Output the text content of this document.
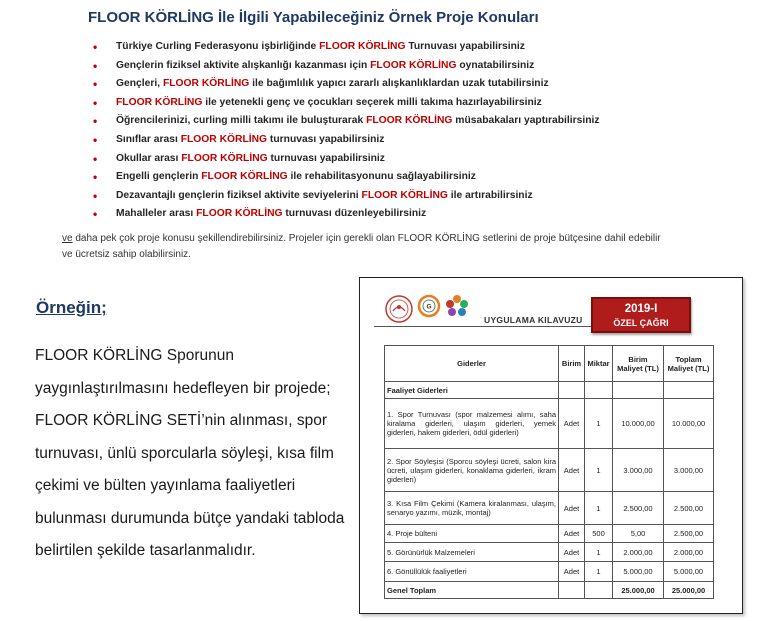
FLOOR KÖRLİNG İle İlgili Yapabileceğiniz Örnek Proje Konuları
• Türkiye Curling Federasyonu işbirliğinde FLOOR KÖRLİNG Turnuvası yapabilirsiniz
• Gençlerin fiziksel aktivite alışkanlığı kazanması için FLOOR KÖRLİNG oynatabilirsiniz
• Gençleri, FLOOR KÖRLİNG ile bağımlılık yapıcı zararlı alışkanlıklardan uzak tutabilirsiniz
• FLOOR KÖRLİNG ile yetenekli genç ve çocukları seçerek milli takıma hazırlayabilirsiniz
• Öğrencilerinizi, curling milli takımı ile buluşturarak FLOOR KÖRLİNG müsabakaları yaptırabilirsiniz
• Sınıflar arası FLOOR KÖRLİNG turnuvası yapabilirsiniz
• Okullar arası FLOOR KÖRLİNG turnuvası yapabilirsiniz
• Engelli gençlerin FLOOR KÖRLİNG ile rehabilitasyonunu sağlayabilirsiniz
• Dezavantajlı gençlerin fiziksel aktivite seviyelerini FLOOR KÖRLİNG ile artırabilirsiniz
• Mahalleler arası FLOOR KÖRLİNG turnuvası düzenleyebilirsiniz
ve daha pek çok proje konusu şekillendirebilirsiniz. Projeler için gerekli olan FLOOR KÖRLİNG setlerini de proje bütçesine dahil edebilir
ve ücretsiz sahip olabilirsiniz.
Örneğin;
FLOOR KÖRLİNG Sporunun yaygınlaştırılmasını hedefleyen bir projede; FLOOR KÖRLİNG SETİ’nin alınması, spor turnuvası, ünlü sporcularla söyleşi, kısa film çekimi ve bülten yayınlama faaliyetleri bulunması durumunda bütçe yandaki tabloda belirtilen şekilde tasarlanmalıdır.
G
UYGULAMA KILAVUZU
2019-I
ÖZEL ÇAĞRI
Giderler	Birim	Miktar	Birim Maliyet (TL)	Toplam Maliyet (TL)
Faaliyet Giderleri				
1. Spor Turnuvası (spor malzemesi alımı, saha kiralama giderleri, ulaşım giderleri, yemek giderleri, hakem giderleri, ödül giderleri)	Adet	1	10.000,00	10.000,00
2. Spor Söyleşisi (Sporcu söyleşi ücreti, salon kira ücreti, ulaşım giderleri, konaklama giderleri, ikram giderleri)	Adet	1	3.000,00	3.000,00
3. Kısa Film Çekimi (Kamera kiralanması, ulaşım, senaryo yazımı, müzik, montaj)	Adet	1	2.500,00	2.500,00
4. Proje bülteni	Adet	500	5,00	2.500,00
5. Görünürlük Malzemeleri	Adet	1	2.000,00	2.000,00
6. Gönüllülük faaliyetleri	Adet	1	5.000,00	5.000,00
Genel Toplam			25.000,00	25.000,00
